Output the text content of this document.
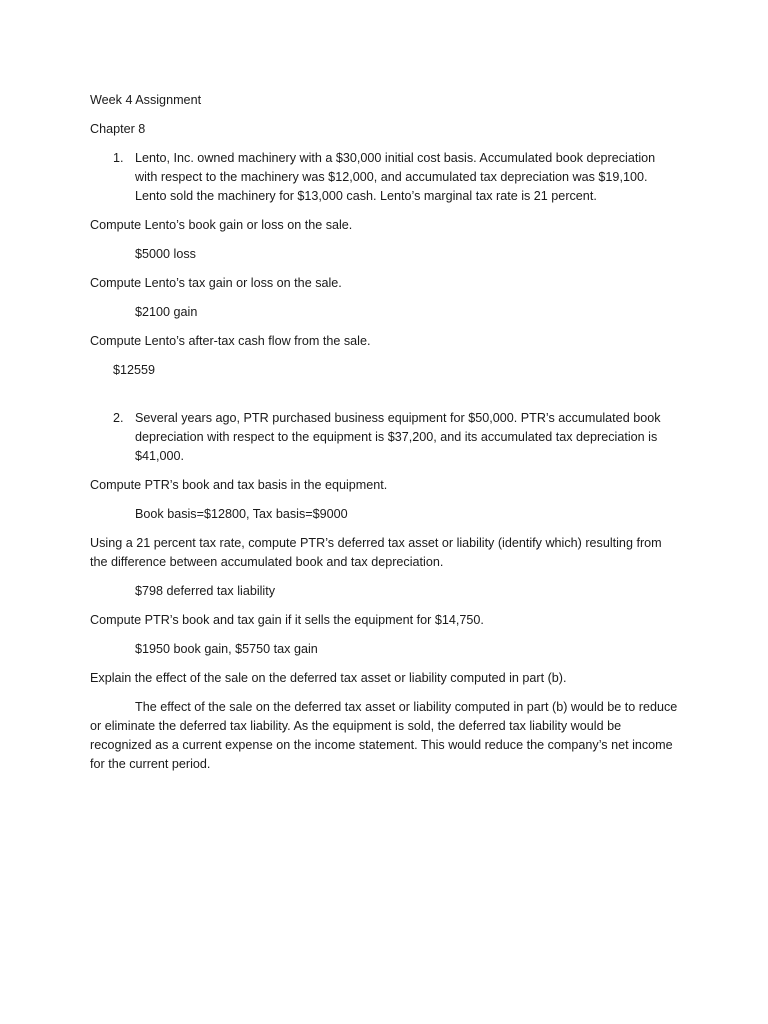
Week 4 Assignment

Chapter 8

1. Lento, Inc. owned machinery with a $30,000 initial cost basis. Accumulated book depreciation with respect to the machinery was $12,000, and accumulated tax depreciation was $19,100. Lento sold the machinery for $13,000 cash. Lento’s marginal tax rate is 21 percent.

Compute Lento’s book gain or loss on the sale.

$5000 loss

Compute Lento’s tax gain or loss on the sale.

$2100 gain

Compute Lento’s after-tax cash flow from the sale.

$12559

2. Several years ago, PTR purchased business equipment for $50,000. PTR’s accumulated book depreciation with respect to the equipment is $37,200, and its accumulated tax depreciation is $41,000.

Compute PTR’s book and tax basis in the equipment.

Book basis=$12800, Tax basis=$9000

Using a 21 percent tax rate, compute PTR’s deferred tax asset or liability (identify which) resulting from the difference between accumulated book and tax depreciation.

$798 deferred tax liability

Compute PTR’s book and tax gain if it sells the equipment for $14,750.

$1950 book gain, $5750 tax gain

Explain the effect of the sale on the deferred tax asset or liability computed in part (b).

The effect of the sale on the deferred tax asset or liability computed in part (b) would be to reduce or eliminate the deferred tax liability. As the equipment is sold, the deferred tax liability would be recognized as a current expense on the income statement. This would reduce the company’s net income for the current period.
